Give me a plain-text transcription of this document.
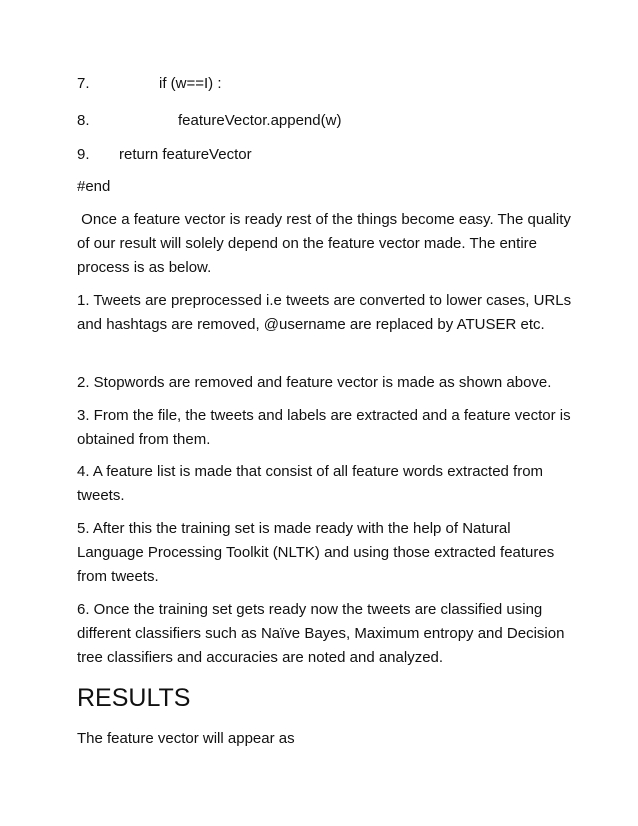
7.	if (w==I) :
8.	featureVector.append(w)
9. return featureVector

#end

Once a feature vector is ready rest of the things become easy. The quality of our result will solely depend on the feature vector made. The entire process is as below.

1. Tweets are preprocessed i.e tweets are converted to lower cases, URLs and hashtags are removed, @username are replaced by ATUSER etc.

2. Stopwords are removed and feature vector is made as shown above.

3. From the file, the tweets and labels are extracted and a feature vector is obtained from them.

4. A feature list is made that consist of all feature words extracted from tweets.

5. After this the training set is made ready with the help of Natural Language Processing Toolkit (NLTK) and using those extracted features from tweets.

6. Once the training set gets ready now the tweets are classified using different classifiers such as Naïve Bayes, Maximum entropy and Decision tree classifiers and accuracies are noted and analyzed.

RESULTS

The feature vector will appear as
